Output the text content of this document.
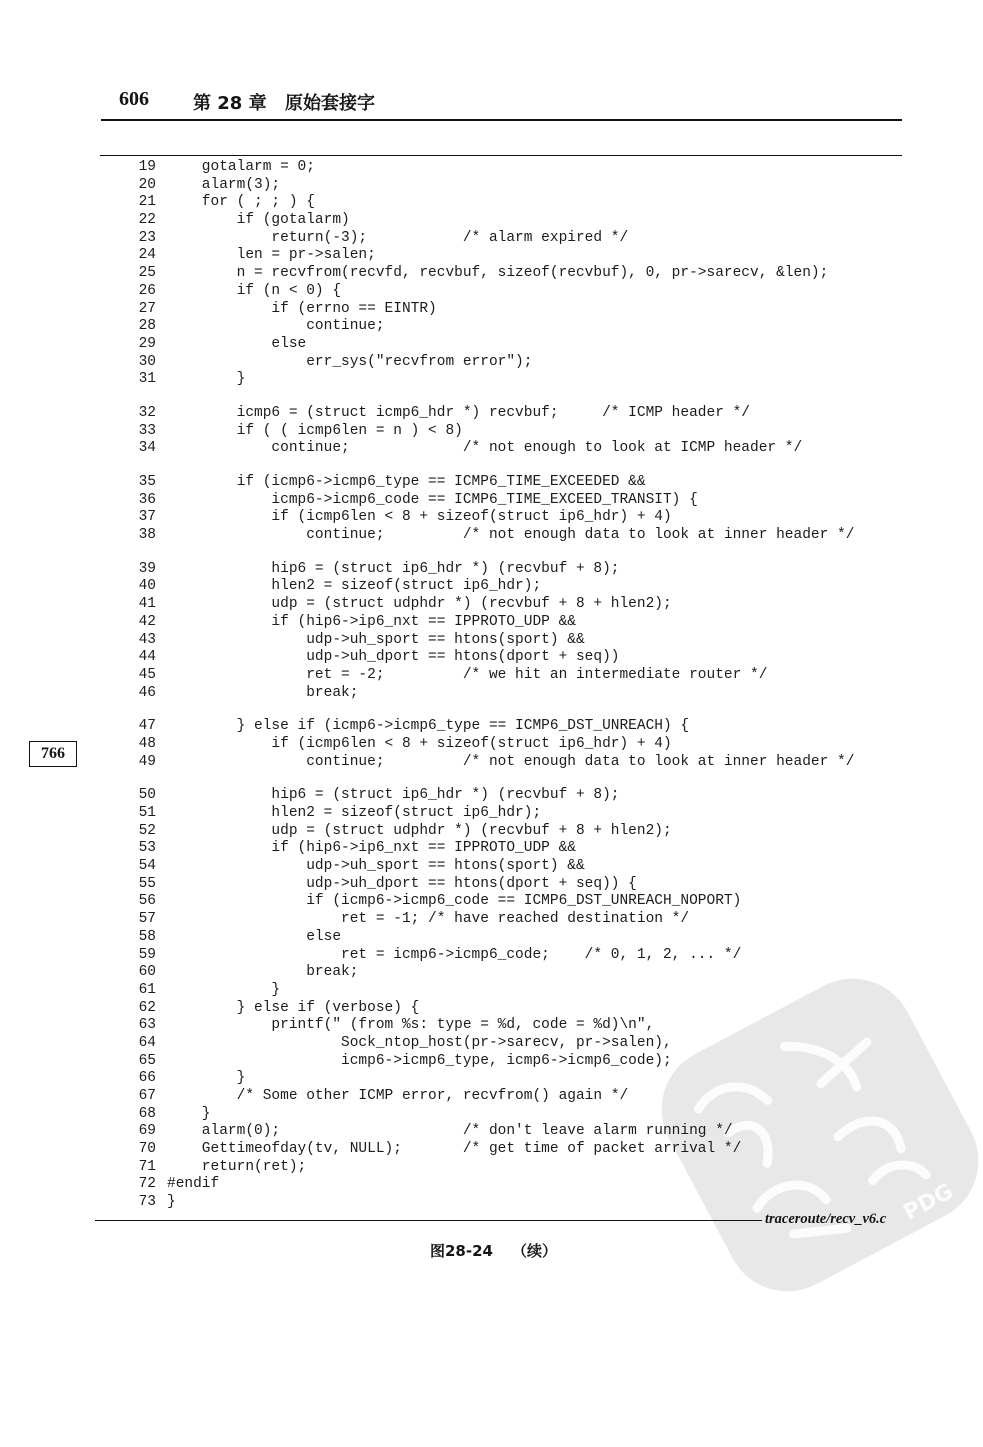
606 第 28 章 原始套接字
766
PDG
19 gotalarm = 0;
20 alarm(3);
21 for ( ; ; ) {
22 if (gotalarm)
23 return(-3);           /* alarm expired */
24 len = pr->salen;
25 n = recvfrom(recvfd, recvbuf, sizeof(recvbuf), 0, pr->sarecv, &len);
26 if (n < 0) {
27 if (errno == EINTR)
28 continue;
29 else
30 err_sys("recvfrom error");
31 }
32 icmp6 = (struct icmp6_hdr *) recvbuf;     /* ICMP header */
33 if ( ( icmp6len = n ) < 8)
34 continue;             /* not enough to look at ICMP header */
35 if (icmp6->icmp6_type == ICMP6_TIME_EXCEEDED &&
36 icmp6->icmp6_code == ICMP6_TIME_EXCEED_TRANSIT) {
37 if (icmp6len < 8 + sizeof(struct ip6_hdr) + 4)
38 continue;         /* not enough data to look at inner header */
39 hip6 = (struct ip6_hdr *) (recvbuf + 8);
40 hlen2 = sizeof(struct ip6_hdr);
41 udp = (struct udphdr *) (recvbuf + 8 + hlen2);
42 if (hip6->ip6_nxt == IPPROTO_UDP &&
43 udp->uh_sport == htons(sport) &&
44 udp->uh_dport == htons(dport + seq))
45 ret = -2;         /* we hit an intermediate router */
46 break;
47 } else if (icmp6->icmp6_type == ICMP6_DST_UNREACH) {
48 if (icmp6len < 8 + sizeof(struct ip6_hdr) + 4)
49 continue;         /* not enough data to look at inner header */
50 hip6 = (struct ip6_hdr *) (recvbuf + 8);
51 hlen2 = sizeof(struct ip6_hdr);
52 udp = (struct udphdr *) (recvbuf + 8 + hlen2);
53 if (hip6->ip6_nxt == IPPROTO_UDP &&
54 udp->uh_sport == htons(sport) &&
55 udp->uh_dport == htons(dport + seq)) {
56 if (icmp6->icmp6_code == ICMP6_DST_UNREACH_NOPORT)
57 ret = -1; /* have reached destination */
58 else
59 ret = icmp6->icmp6_code;    /* 0, 1, 2, ... */
60 break;
61 }
62 } else if (verbose) {
63 printf(" (from %s: type = %d, code = %d)\n",
64 Sock_ntop_host(pr->sarecv, pr->salen),
65 icmp6->icmp6_type, icmp6->icmp6_code);
66 }
67 /* Some other ICMP error, recvfrom() again */
68 }
69 alarm(0);                     /* don't leave alarm running */
70 Gettimeofday(tv, NULL);       /* get time of packet arrival */
71 return(ret);
72 #endif
73 }
traceroute/recv_v6.c
图28-24 （续）
